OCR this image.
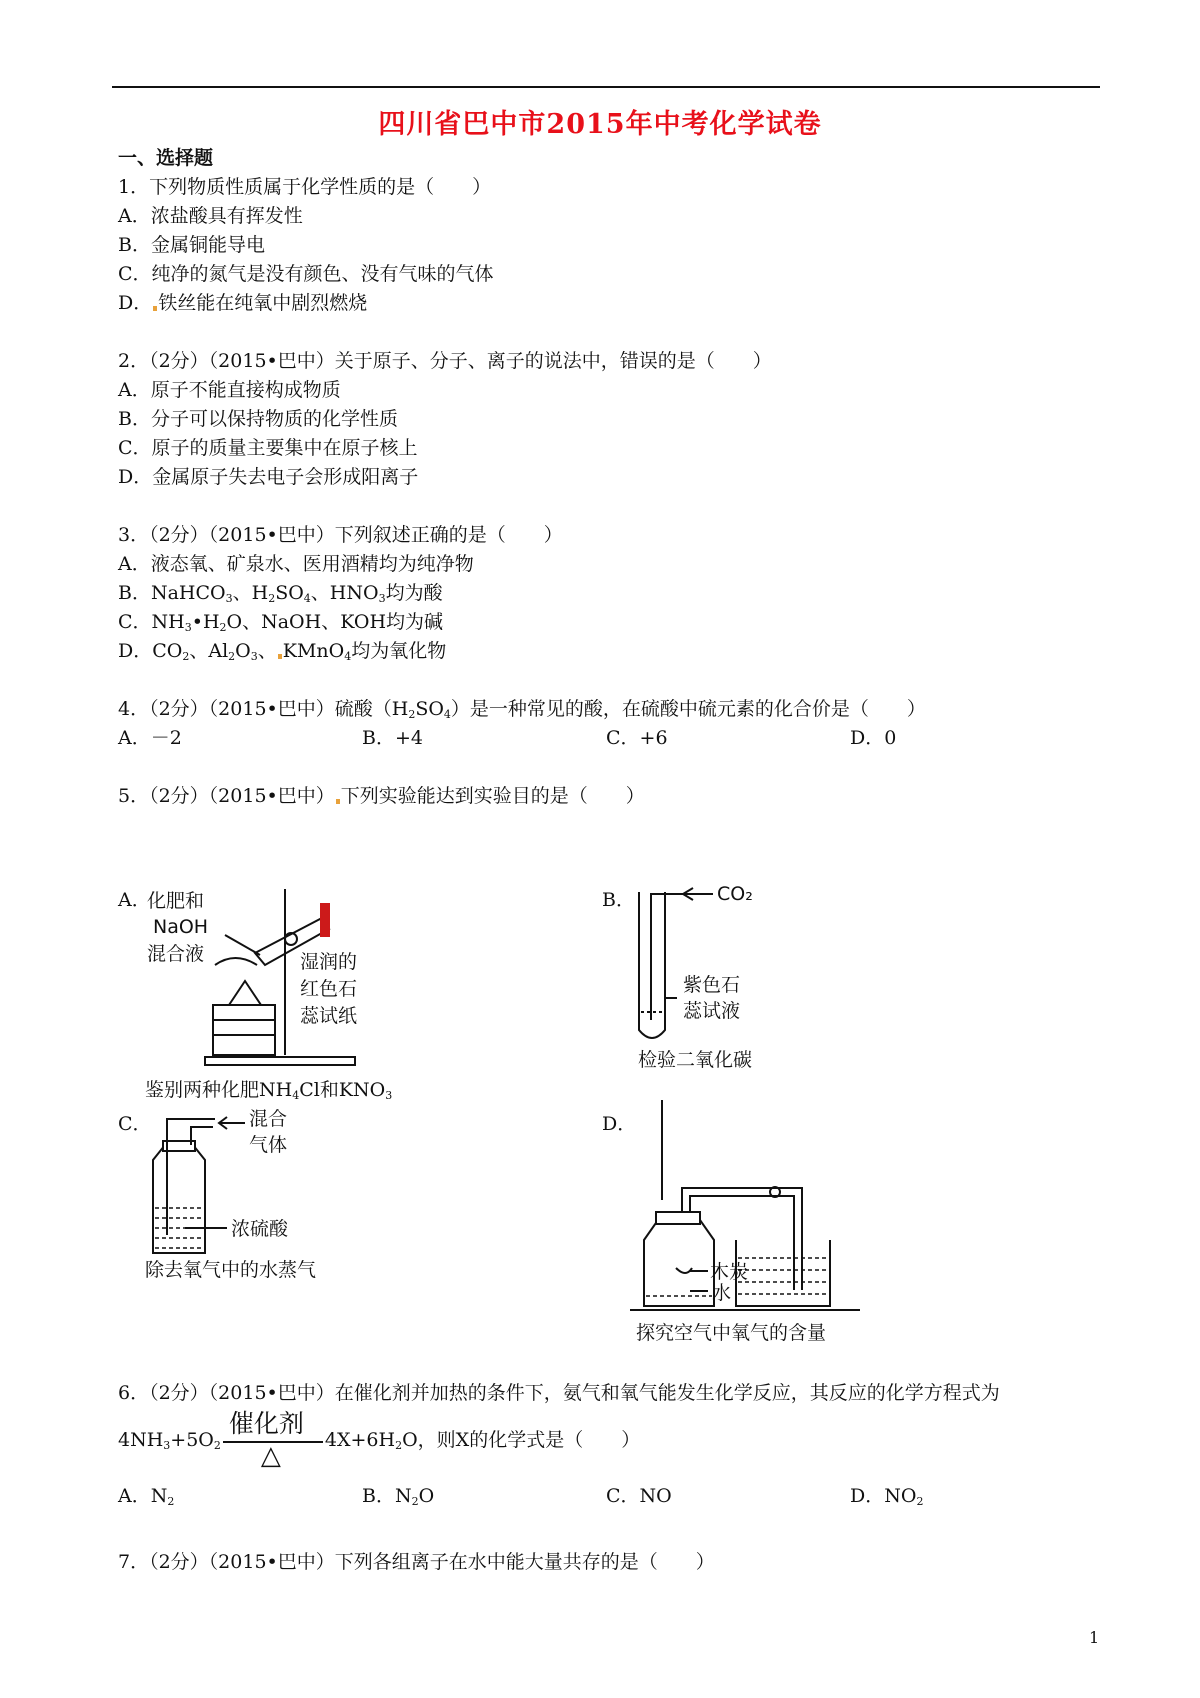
四川省巴中市2015年中考化学试卷
一、选择题
1．下列物质性质属于化学性质的是（　　）
A．浓盐酸具有挥发性
B．金属铜能导电
C．纯净的氮气是没有颜色、没有气味的气体
D． 铁丝能在纯氧中剧烈燃烧
2．（2分）（2015•巴中）关于原子、分子、离子的说法中，错误的是（　　）
A．原子不能直接构成物质
B．分子可以保持物质的化学性质
C．原子的质量主要集中在原子核上
D．金属原子失去电子会形成阳离子
3．（2分）（2015•巴中）下列叙述正确的是（　　）
A．液态氧、矿泉水、医用酒精均为纯净物
B．NaHCO$_3$、$H_2SO_4$、$HNO_3$均为酸
C．$NH_3•H_2O$、NaOH、KOH均为碱
D．$CO_2$、$Al_2O_3$、 KMnO$_4$均为氧化物
4．（2分）（2015•巴中）硫酸$(H_2SO_4)$是一种常见的酸，在硫酸中硫元素的化合价是（　　）
A．－2	B．+4	C．+6	D．0
5．（2分）（2015•巴中） 下列实验能达到实验目的是（　　）
A．
化肥和
NaOH
混合液	湿润的
红色石
蕊试纸
鉴别两种化肥$NH_4Cl$和$KNO_3$
B．	CO₂
紫色石
蕊试液
检验二氧化碳
C．	混合
气体
浓硫酸
除去氧气中的水蒸气
D．
木炭
水
探究空气中氧气的含量
6．（2分）（2015•巴中）在催化剂并加热的条件下，氨气和氧气能发生化学反应，其反应的化学方程式为
$4NH_3+5O_2$
催化剂
△
$4X+6H_2O$，则X的化学式是（　　）
A．$N_2$	B．$N_2O$	C．NO	D．$NO_2$
7．（2分）（2015•巴中）下列各组离子在水中能大量共存的是（　　）
1
